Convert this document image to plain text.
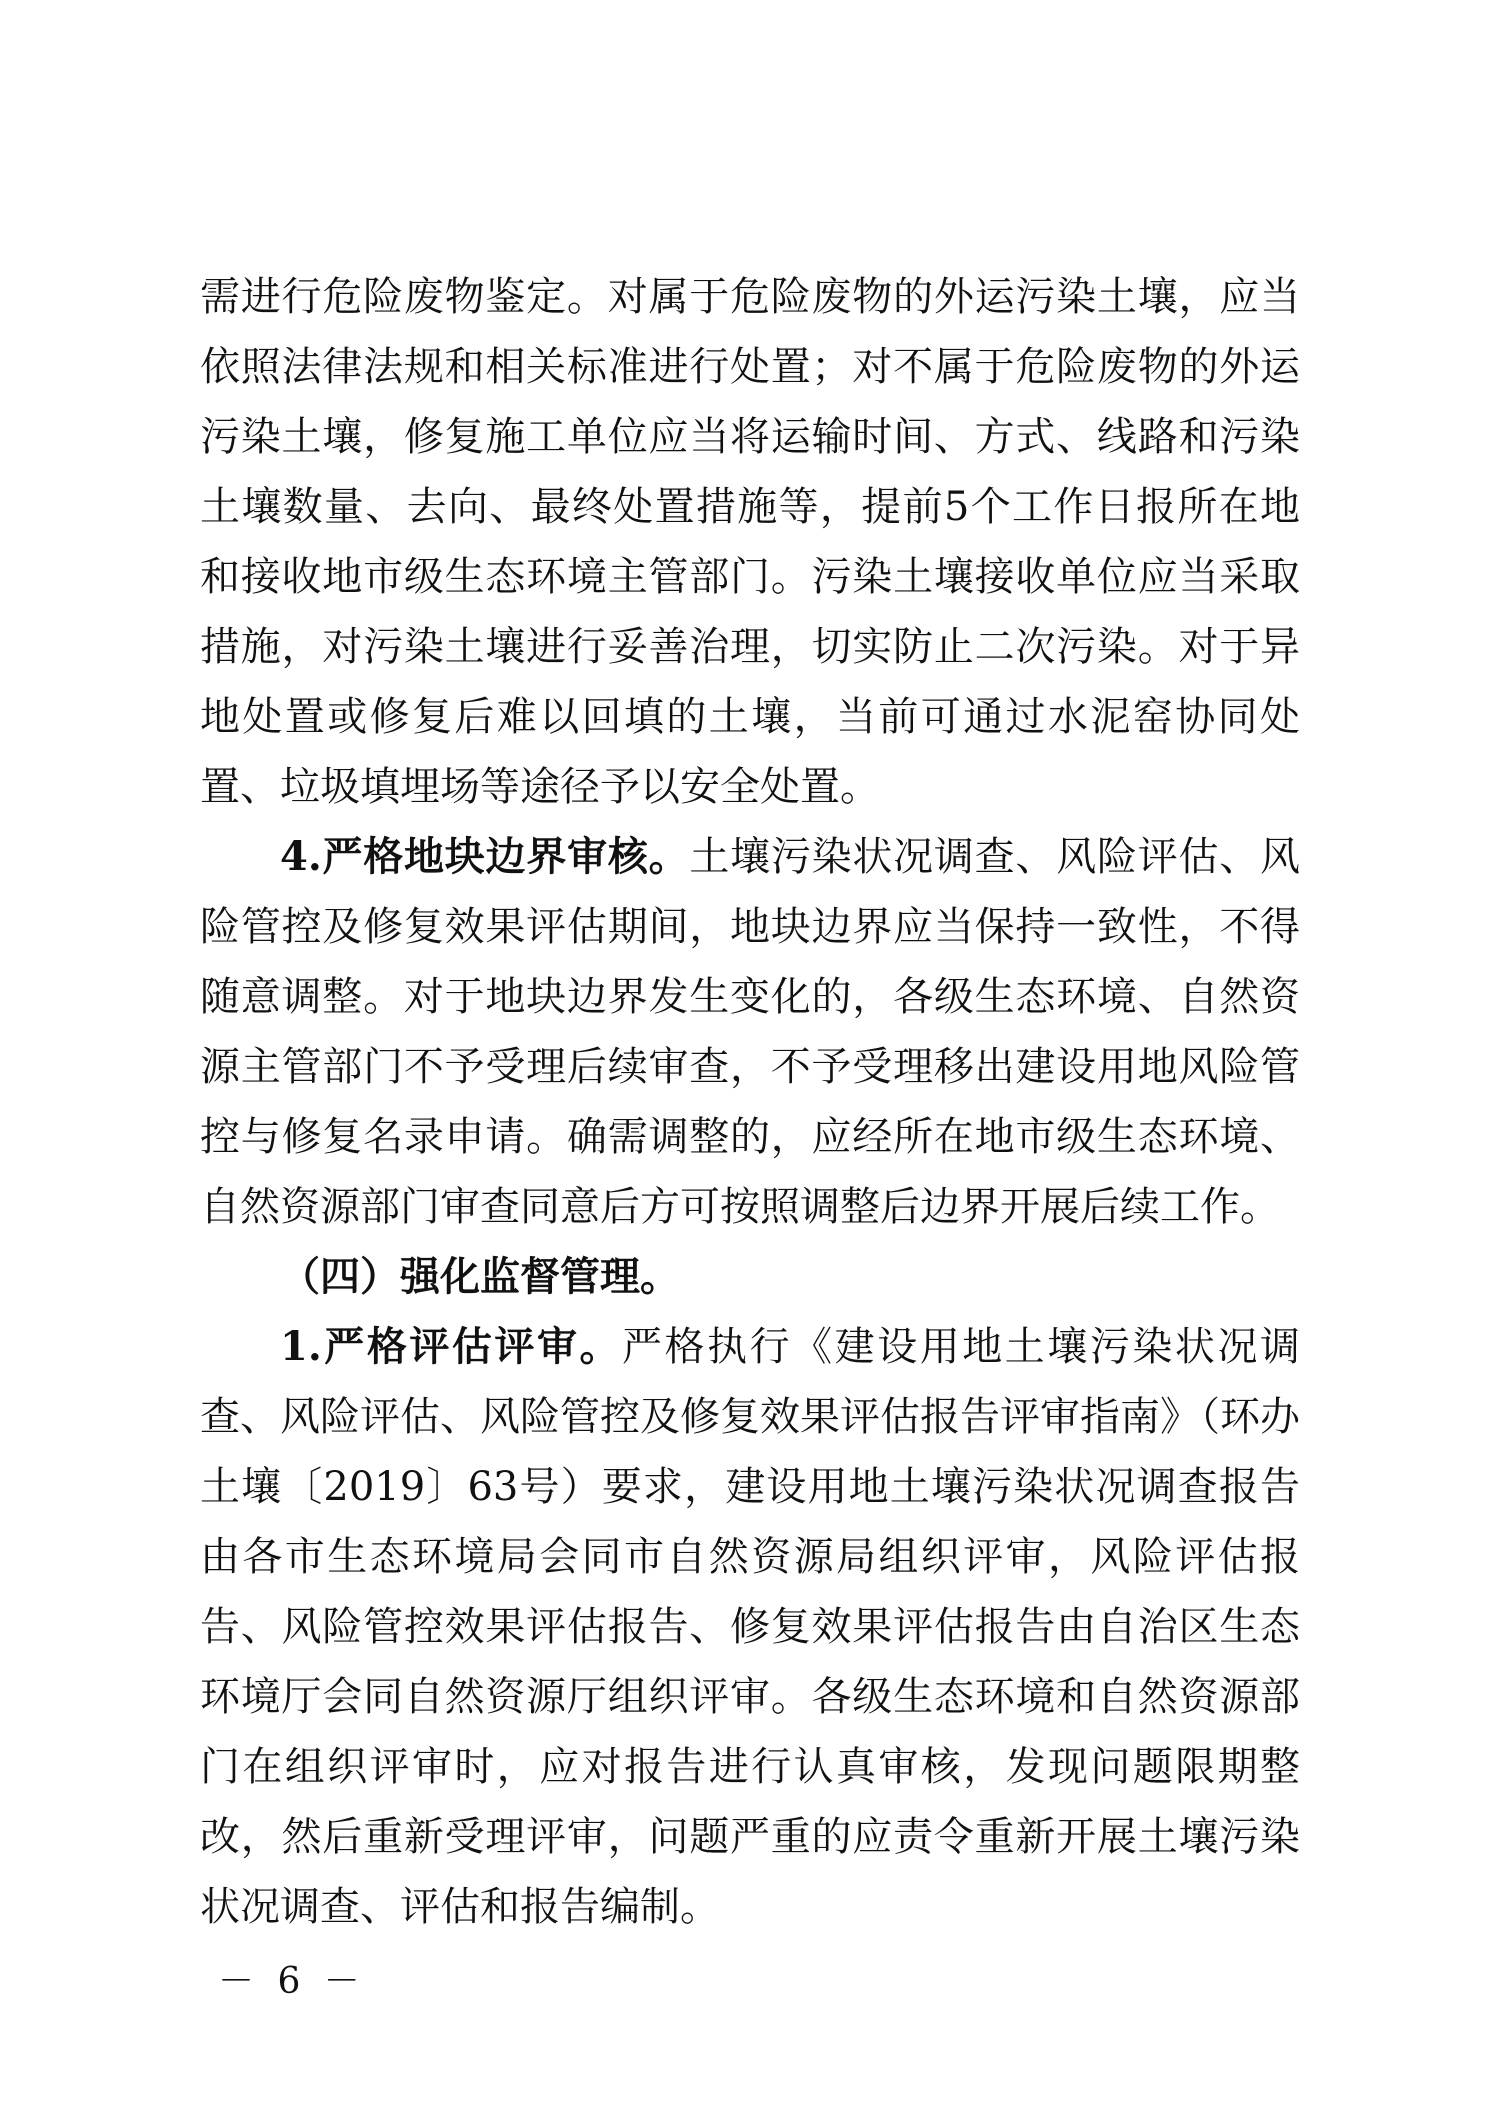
需进行危险废物鉴定。对属于危险废物的外运污染土壤，应当依照法律法规和相关标准进行处置；对不属于危险废物的外运污染土壤，修复施工单位应当将运输时间、方式、线路和污染土壤数量、去向、最终处置措施等，提前5个工作日报所在地和接收地市级生态环境主管部门。污染土壤接收单位应当采取措施，对污染土壤进行妥善治理，切实防止二次污染。对于异地处置或修复后难以回填的土壤，当前可通过水泥窑协同处置、垃圾填埋场等途径予以安全处置。

4.严格地块边界审核。土壤污染状况调查、风险评估、风险管控及修复效果评估期间，地块边界应当保持一致性，不得随意调整。对于地块边界发生变化的，各级生态环境、自然资源主管部门不予受理后续审查，不予受理移出建设用地风险管控与修复名录申请。确需调整的，应经所在地市级生态环境、自然资源部门审查同意后方可按照调整后边界开展后续工作。

（四）强化监督管理。

1.严格评估评审。严格执行《建设用地土壤污染状况调查、风险评估、风险管控及修复效果评估报告评审指南》（环办土壤〔2019〕63号）要求，建设用地土壤污染状况调查报告由各市生态环境局会同市自然资源局组织评审，风险评估报告、风险管控效果评估报告、修复效果评估报告由自治区生态环境厅会同自然资源厅组织评审。各级生态环境和自然资源部门在组织评审时，应对报告进行认真审核，发现问题限期整改，然后重新受理评审，问题严重的应责令重新开展土壤污染状况调查、评估和报告编制。

－ 6 －
